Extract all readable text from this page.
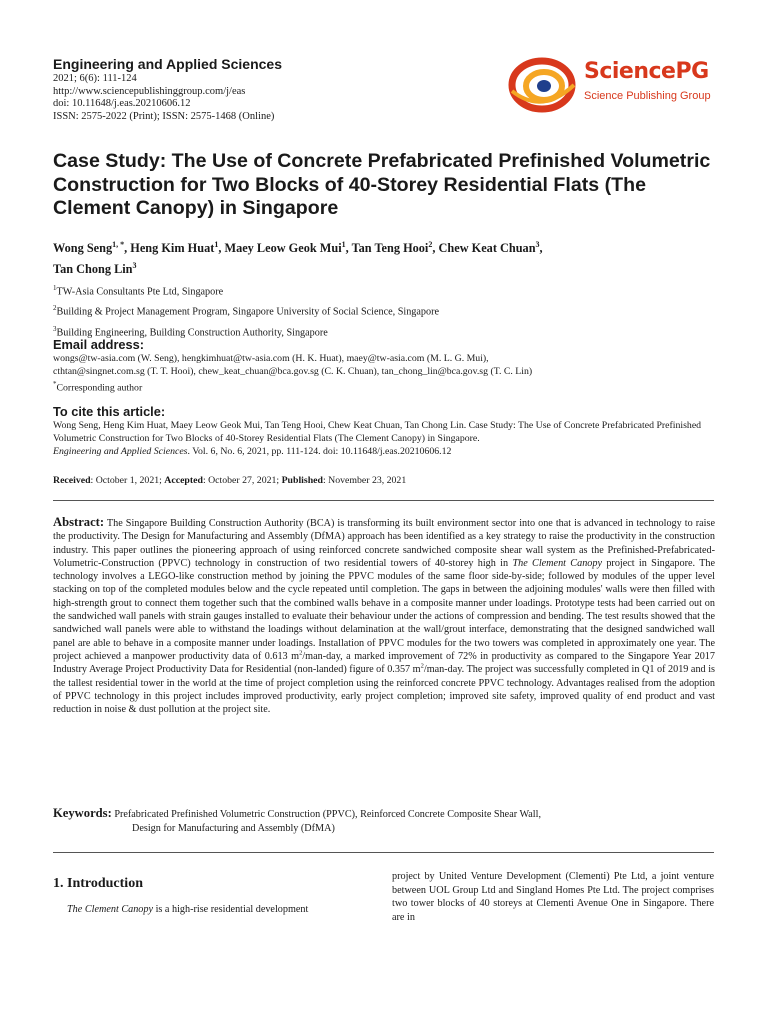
Engineering and Applied Sciences
2021; 6(6): 111-124
http://www.sciencepublishinggroup.com/j/eas
doi: 10.11648/j.eas.20210606.12
ISSN: 2575-2022 (Print); ISSN: 2575-1468 (Online)
SciencePG
Science Publishing Group
Case Study: The Use of Concrete Prefabricated Prefinished Volumetric Construction for Two Blocks of 40-Storey Residential Flats (The Clement Canopy) in Singapore
Wong Seng$^{1, *}$, Heng Kim Huat$^1$, Maey Leow Geok Mui$^1$, Tan Teng Hooi$^2$, Chew Keat Chuan$^3$,
Tan Chong Lin$^3$
$^1$TW-Asia Consultants Pte Ltd, Singapore
$^2$Building & Project Management Program, Singapore University of Social Science, Singapore
$^3$Building Engineering, Building Construction Authority, Singapore
Email address:
wongs@tw-asia.com (W. Seng), hengkimhuat@tw-asia.com (H. K. Huat), maey@tw-asia.com (M. L. G. Mui),
cthtan@singnet.com.sg (T. T. Hooi), chew_keat_chuan@bca.gov.sg (C. K. Chuan), tan_chong_lin@bca.gov.sg (T. C. Lin)
*Corresponding author
To cite this article:
Wong Seng, Heng Kim Huat, Maey Leow Geok Mui, Tan Teng Hooi, Chew Keat Chuan, Tan Chong Lin. Case Study: The Use of Concrete Prefabricated Prefinished Volumetric Construction for Two Blocks of 40-Storey Residential Flats (The Clement Canopy) in Singapore.
Engineering and Applied Sciences. Vol. 6, No. 6, 2021, pp. 111-124. doi: 10.11648/j.eas.20210606.12
Received: October 1, 2021; Accepted: October 27, 2021; Published: November 23, 2021
Abstract: The Singapore Building Construction Authority (BCA) is transforming its built environment sector into one that is advanced in technology to raise the productivity. The Design for Manufacturing and Assembly (DfMA) approach has been identified as a key strategy to raise the productivity in the construction industry. This paper outlines the pioneering approach of using reinforced concrete sandwiched composite shear wall system as the Prefinished-Prefabricated-Volumetric-Construction (PPVC) technology in construction of two residential towers of 40-storey high in The Clement Canopy project in Singapore. The technology involves a LEGO-like construction method by joining the PPVC modules of the same floor side-by-side; followed by modules of the upper level stacking on top of the completed modules below and the cycle repeated until completion. The gaps in between the adjoining modules' walls were then filled with high-strength grout to connect them together such that the combined walls behave in a composite manner under loadings. Prototype tests had been carried out on the sandwiched wall panels with strain gauges installed to evaluate their behaviour under the actions of compression and bending. The test results showed that the sandwiched wall panels were able to withstand the loadings without delamination at the wall/grout interface, demonstrating that the designed sandwiched wall panel are able to behave in a composite manner under loadings. Installation of PPVC modules for the two towers was completed in approximately one year. The project achieved a manpower productivity data of 0.613 $m^2/man$-day, a marked improvement of 72% in productivity as compared to the Singapore Year 2017 Industry Average Project Productivity Data for Residential (non-landed) figure of 0.357 $m^2/man$-day. The project was successfully completed in Q1 of 2019 and is the tallest residential tower in the world at the time of project completion using the reinforced concrete PPVC technology. Advantages realised from the adoption of PPVC technology in this project includes improved productivity, early project completion; improved site safety, improved quality of end product and vast reduction in noise & dust pollution at the project site.
Keywords: Prefabricated Prefinished Volumetric Construction (PPVC), Reinforced Concrete Composite Shear Wall,
Design for Manufacturing and Assembly (DfMA)
1. Introduction
The Clement Canopy is a high-rise residential development
project by United Venture Development (Clementi) Pte Ltd, a joint venture between UOL Group Ltd and Singland Homes Pte Ltd. The project comprises two tower blocks of 40 storeys at Clementi Avenue One in Singapore. There are in
